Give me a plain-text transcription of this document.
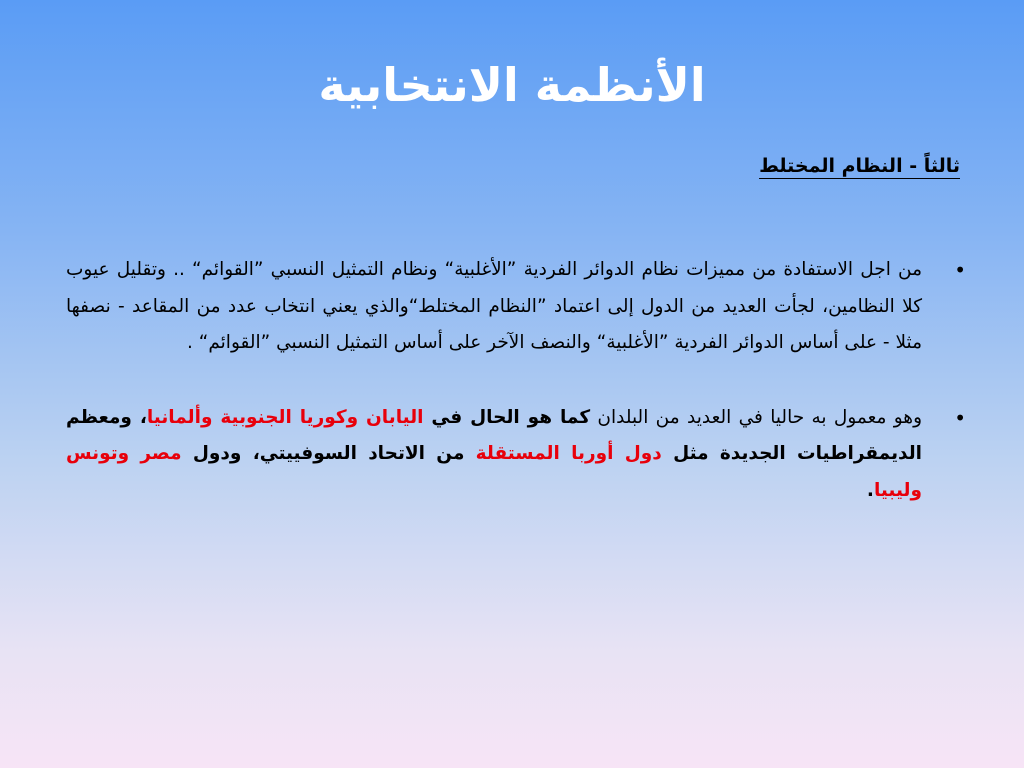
الأنظمة الانتخابية
ثالثاً - النظام المختلط
•
من اجل الاستفادة من مميزات نظام الدوائر الفردية ”الأغلبية“ ونظام التمثيل النسبي ”القوائم“ .. وتقليل عيوب كلا النظامين، لجأت العديد من الدول إلى اعتماد ”النظام المختلط“والذي يعني انتخاب عدد من المقاعد - نصفها مثلا - على أساس الدوائر الفردية ”الأغلبية“ والنصف الآخر على أساس التمثيل النسبي ”القوائم“ .
•
وهو معمول به حاليا في العديد من البلدان كما هو الحال في اليابان وكوريا الجنوبية وألمانيا، ومعظم الديمقراطيات الجديدة مثل دول أوربا المستقلة من الاتحاد السوفييتي، ودول مصر وتونس وليبيا.
